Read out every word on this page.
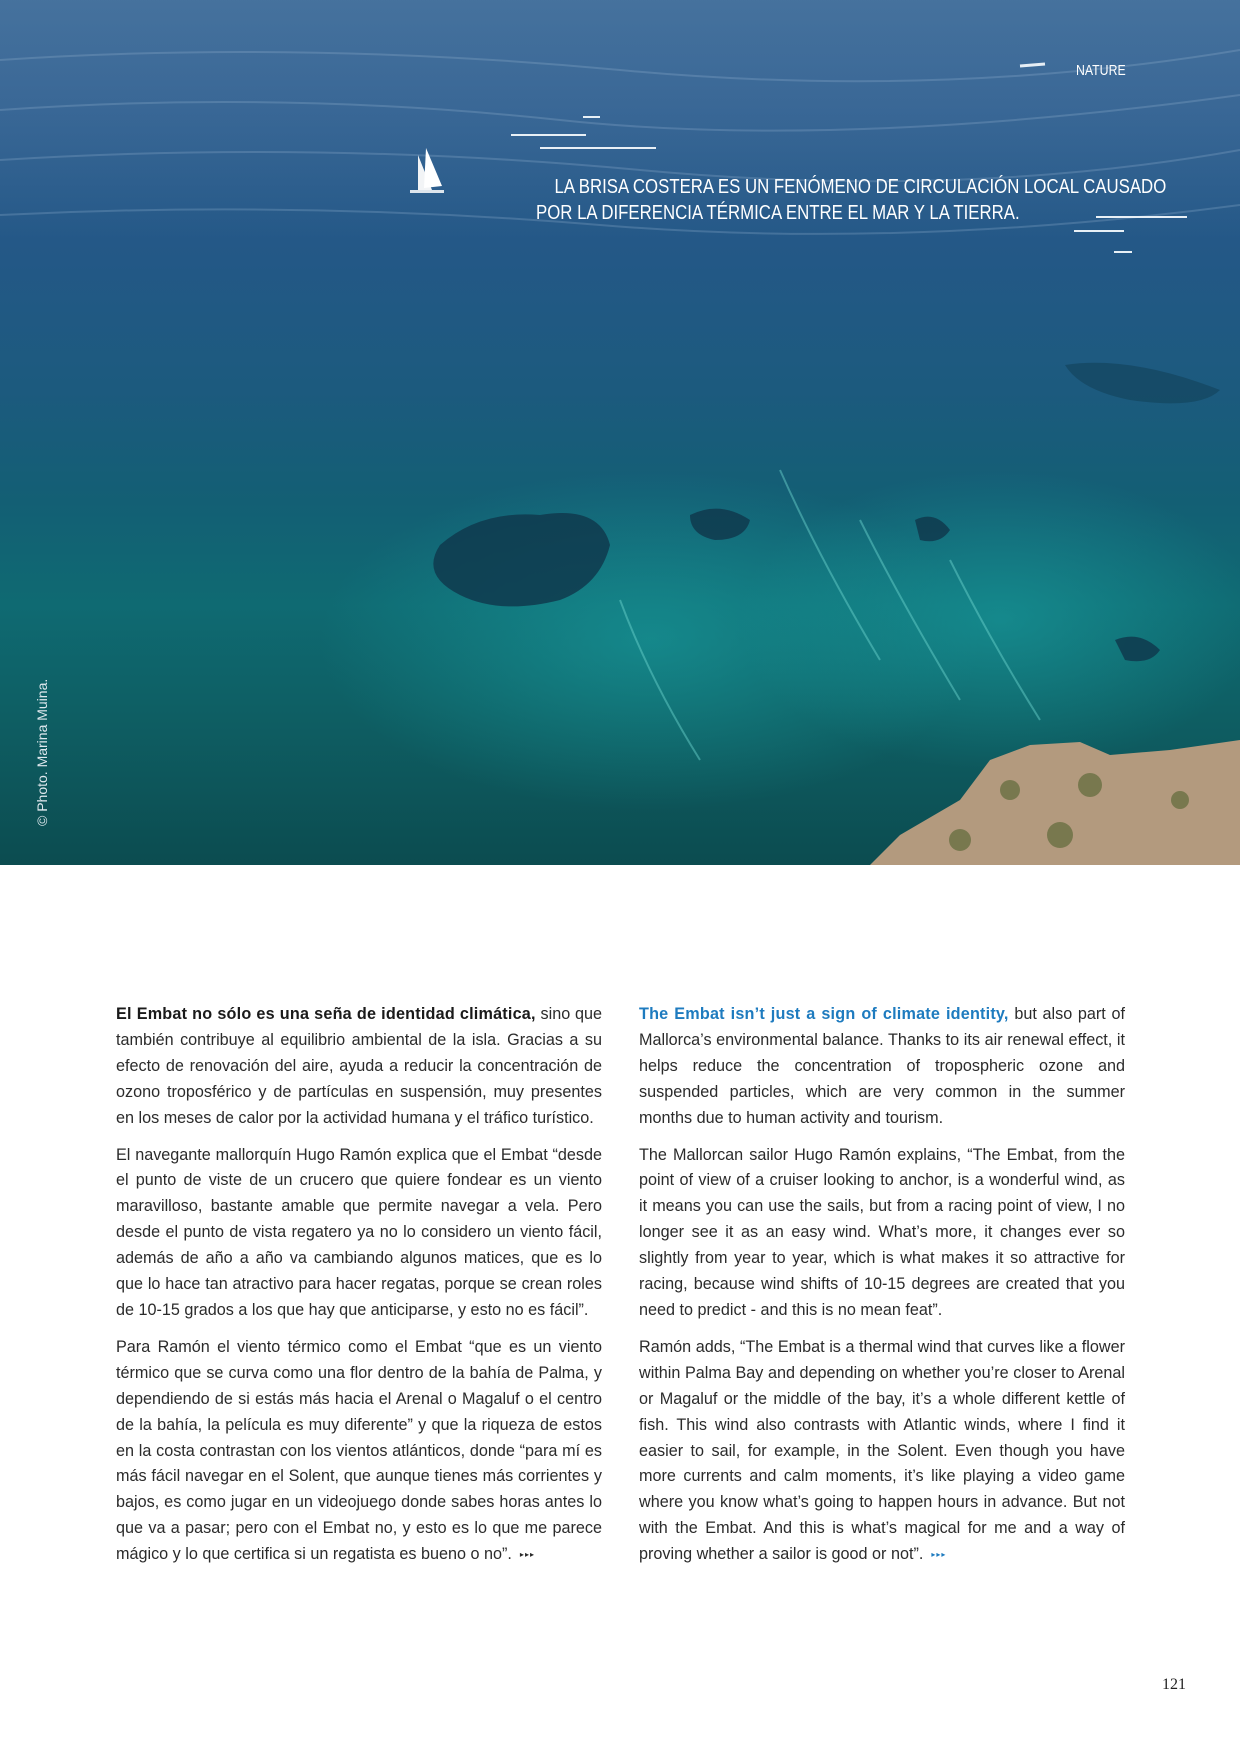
NATURE
LA BRISA COSTERA ES UN FENÓMENO DE CIRCULACIÓN LOCAL CAUSADO
POR LA DIFERENCIA TÉRMICA ENTRE EL MAR Y LA TIERRA.
© Photo. Marina Muina.

El Embat no sólo es una seña de identidad climática, sino que también contribuye al equilibrio ambiental de la isla. Gracias a su efecto de renovación del aire, ayuda a reducir la concentración de ozono troposférico y de partículas en suspensión, muy presentes en los meses de calor por la actividad humana y el tráfico turístico.

El navegante mallorquín Hugo Ramón explica que el Embat “desde el punto de viste de un crucero que quiere fondear es un viento maravilloso, bastante amable que permite navegar a vela. Pero desde el punto de vista regatero ya no lo considero un viento fácil, además de año a año va cambiando algunos matices, que es lo que lo hace tan atractivo para hacer regatas, porque se crean roles de 10-15 grados a los que hay que anticiparse, y esto no es fácil”.

Para Ramón el viento térmico como el Embat “que es un viento térmico que se curva como una flor dentro de la bahía de Palma, y dependiendo de si estás más hacia el Arenal o Magaluf o el centro de la bahía, la película es muy diferente” y que la riqueza de estos en la costa contrastan con los vientos atlánticos, donde “para mí es más fácil navegar en el Solent, que aunque tienes más corrientes y bajos, es como jugar en un videojuego donde sabes horas antes lo que va a pasar; pero con el Embat no, y esto es lo que me parece mágico y lo que certifica si un regatista es bueno o no”. ▸▸▸

The Embat isn’t just a sign of climate identity, but also part of Mallorca’s environmental balance. Thanks to its air renewal effect, it helps reduce the concentration of tropospheric ozone and suspended particles, which are very common in the summer months due to human activity and tourism.

The Mallorcan sailor Hugo Ramón explains, “The Embat, from the point of view of a cruiser looking to anchor, is a wonderful wind, as it means you can use the sails, but from a racing point of view, I no longer see it as an easy wind. What’s more, it changes ever so slightly from year to year, which is what makes it so attractive for racing, because wind shifts of 10-15 degrees are created that you need to predict - and this is no mean feat”.

Ramón adds, “The Embat is a thermal wind that curves like a flower within Palma Bay and depending on whether you’re closer to Arenal or Magaluf or the middle of the bay, it’s a whole different kettle of fish. This wind also contrasts with Atlantic winds, where I find it easier to sail, for example, in the Solent. Even though you have more currents and calm moments, it’s like playing a video game where you know what’s going to happen hours in advance. But not with the Embat. And this is what’s magical for me and a way of proving whether a sailor is good or not”. ▸▸▸

121
